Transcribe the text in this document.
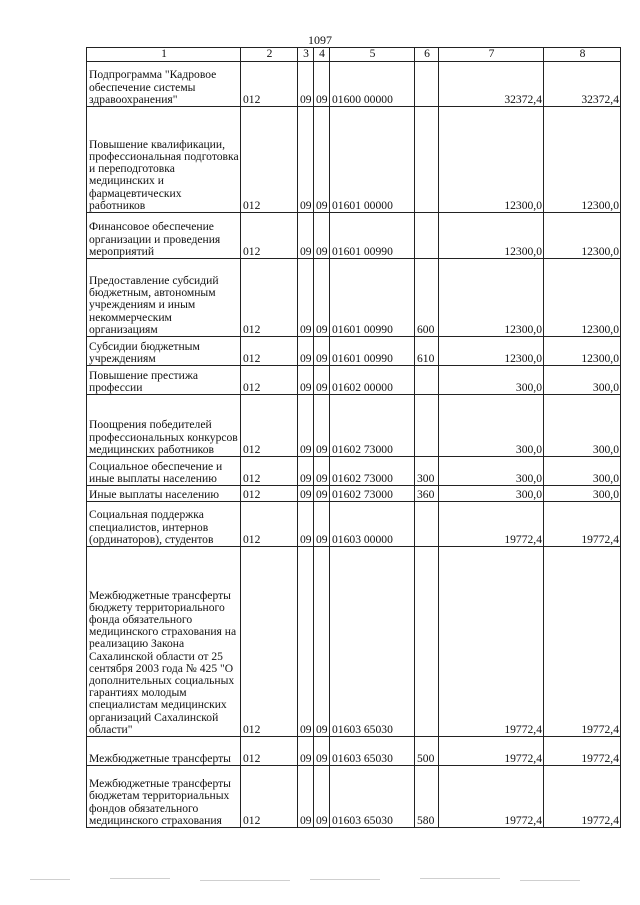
1097
1	2	3	4	5	6	7	8
Подпрограмма "Кадровое обеспечение системы здравоохранения"	012	09	09	01600 00000		32372,4	32372,4
Повышение квалификации, профессиональная подготовка и переподготовка медицинских и фармацевтических работников	012	09	09	01601 00000		12300,0	12300,0
Финансовое обеспечение организации и проведения мероприятий	012	09	09	01601 00990		12300,0	12300,0
Предоставление субсидий бюджетным, автономным учреждениям и иным некоммерческим организациям	012	09	09	01601 00990	600	12300,0	12300,0
Субсидии бюджетным учреждениям	012	09	09	01601 00990	610	12300,0	12300,0
Повышение престижа профессии	012	09	09	01602 00000		300,0	300,0
Поощрения победителей профессиональных конкурсов медицинских работников	012	09	09	01602 73000		300,0	300,0
Социальное обеспечение и иные выплаты населению	012	09	09	01602 73000	300	300,0	300,0
Иные выплаты населению	012	09	09	01602 73000	360	300,0	300,0
Социальная поддержка специалистов, интернов (ординаторов), студентов	012	09	09	01603 00000		19772,4	19772,4
Межбюджетные трансферты бюджету территориального фонда обязательного медицинского страхования на реализацию Закона Сахалинской области от 25 сентября 2003 года № 425 "О дополнительных социальных гарантиях молодым специалистам медицинских организаций Сахалинской области"	012	09	09	01603 65030		19772,4	19772,4
Межбюджетные трансферты	012	09	09	01603 65030	500	19772,4	19772,4
Межбюджетные трансферты бюджетам территориальных фондов обязательного медицинского страхования	012	09	09	01603 65030	580	19772,4	19772,4
